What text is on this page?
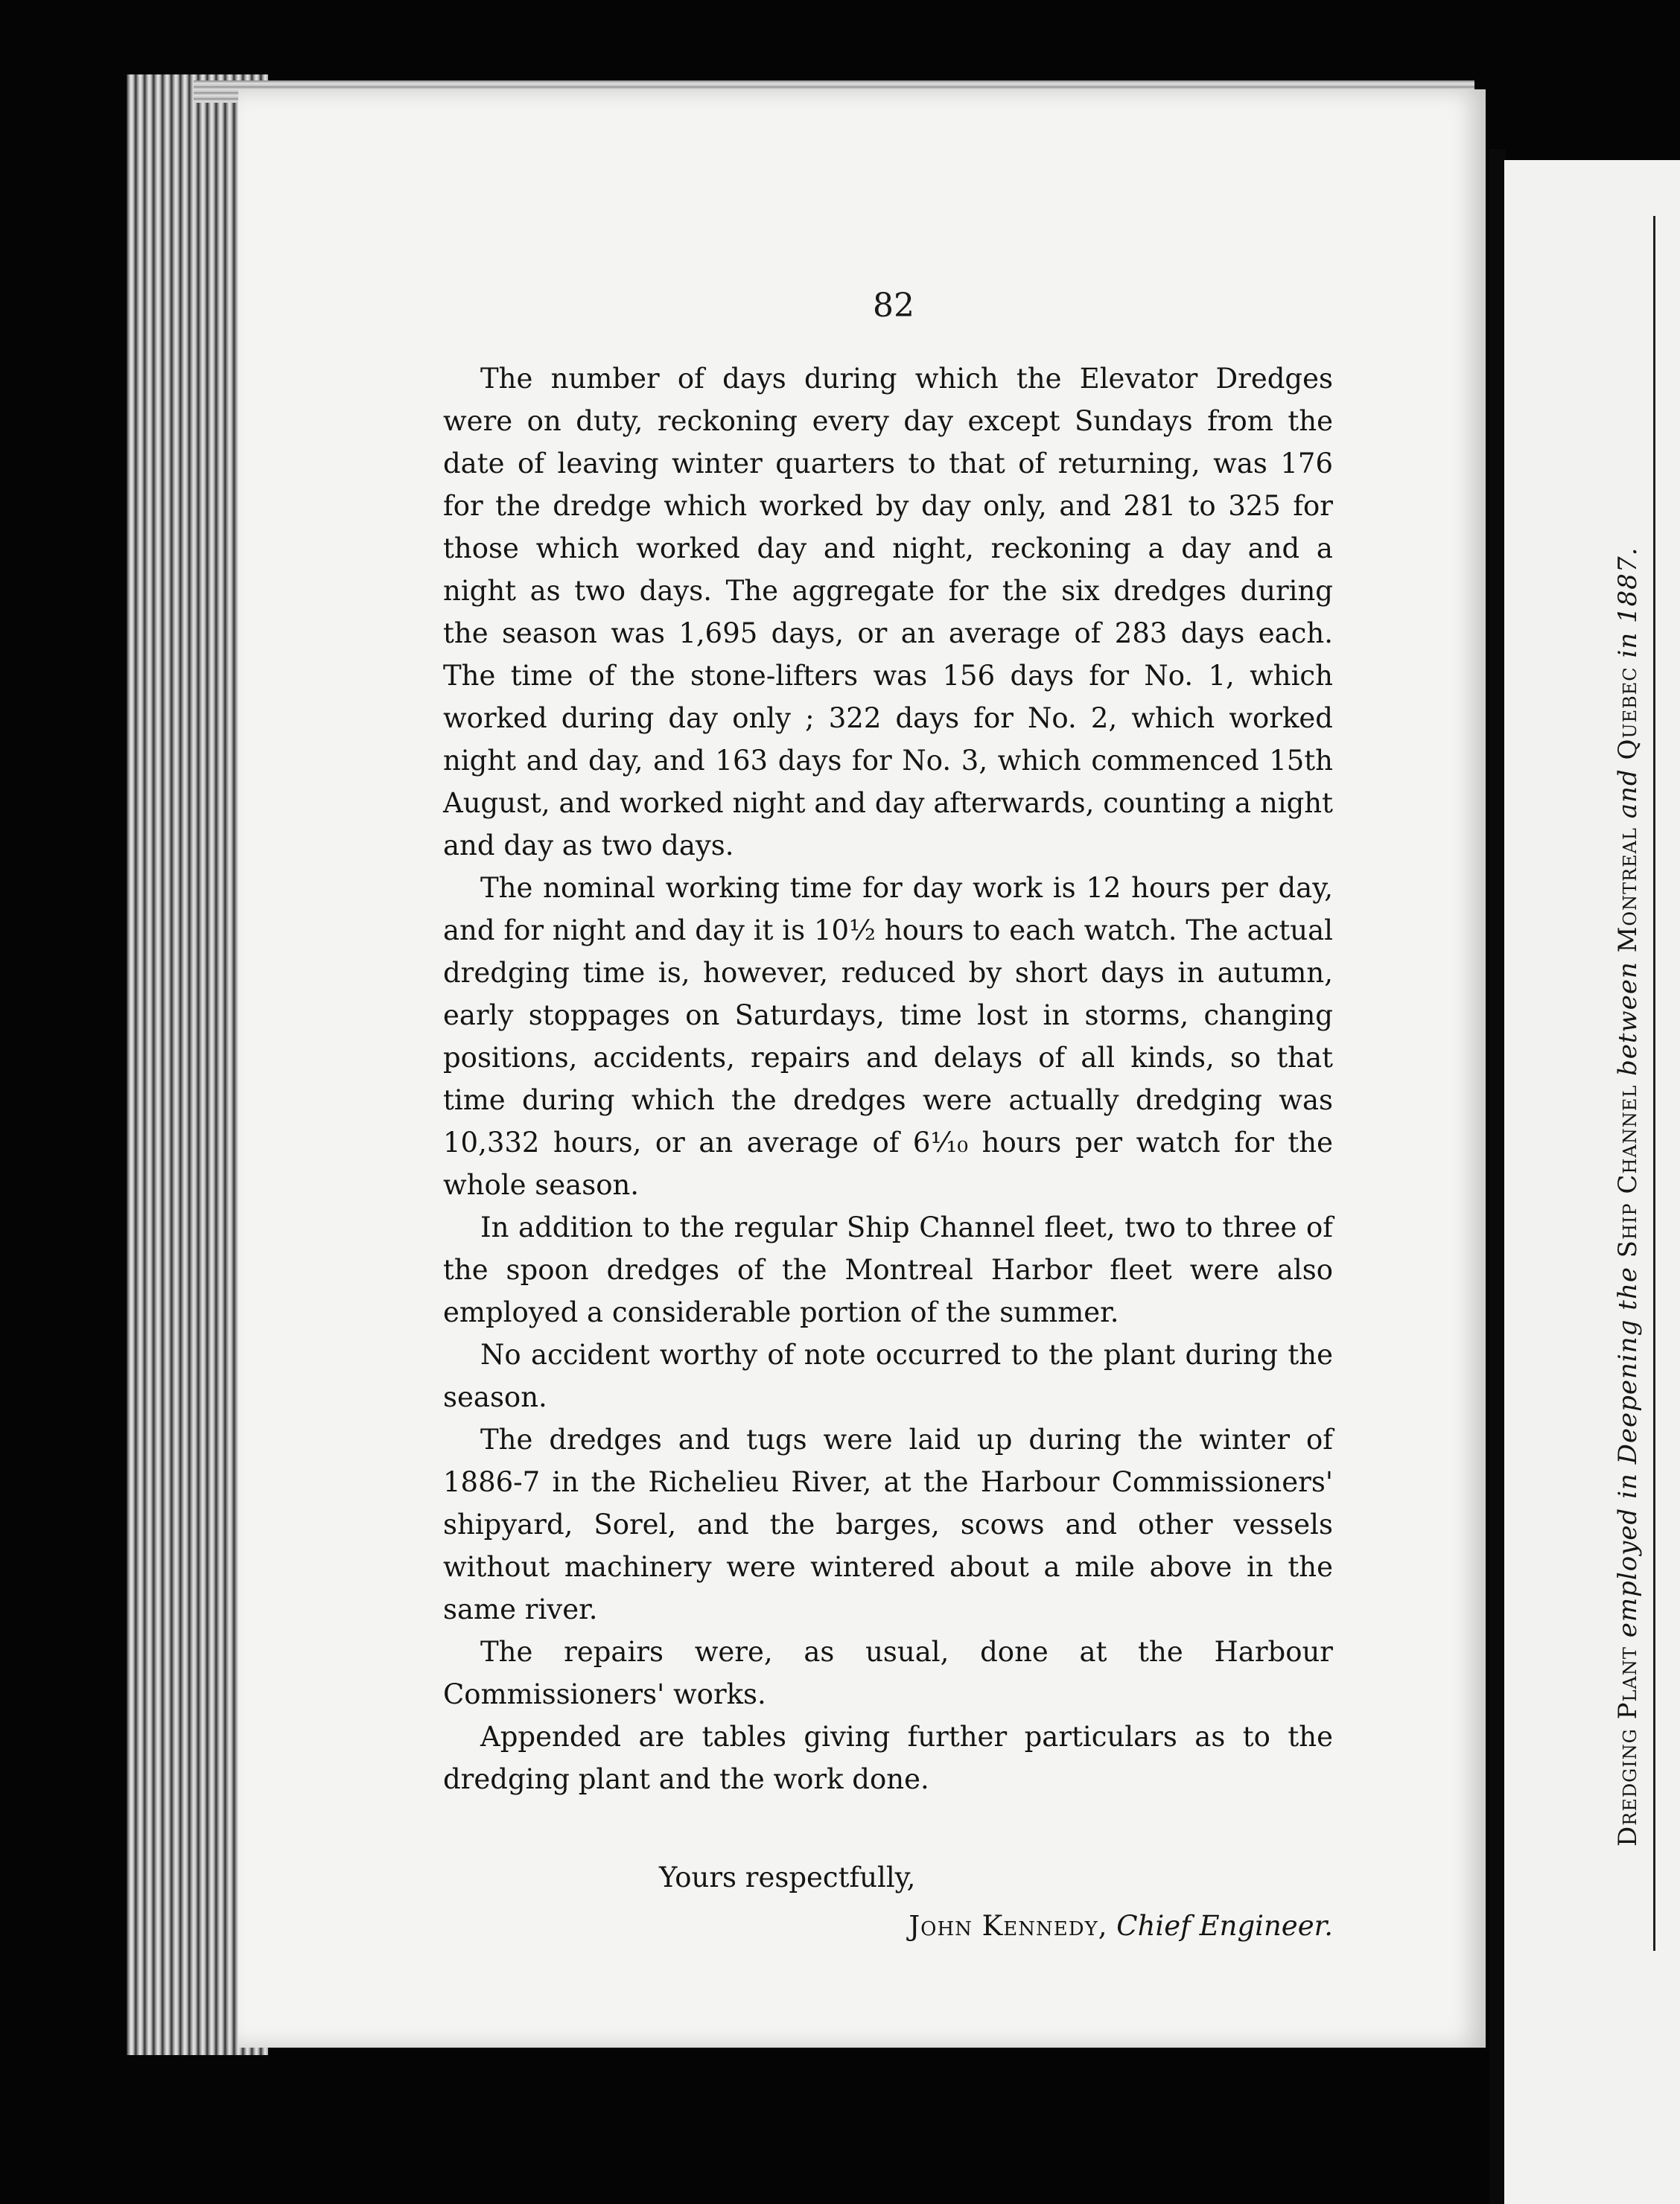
82

The number of days during which the Elevator Dredges were on duty, reckoning every day except Sundays from the date of leaving winter quarters to that of returning, was 176 for the dredge which worked by day only, and 281 to 325 for those which worked day and night, reckoning a day and a night as two days. The aggregate for the six dredges during the season was 1,695 days, or an average of 283 days each. The time of the stone-lifters was 156 days for No. 1, which worked during day only ; 322 days for No. 2, which worked night and day, and 163 days for No. 3, which commenced 15th August, and worked night and day afterwards, counting a night and day as two days.

The nominal working time for day work is 12 hours per day, and for night and day it is 10½ hours to each watch. The actual dredging time is, however, reduced by short days in autumn, early stoppages on Saturdays, time lost in storms, changing positions, accidents, repairs and delays of all kinds, so that time during which the dredges were actually dredging was 10,332 hours, or an average of 6¹⁄₁₀ hours per watch for the whole season.

In addition to the regular Ship Channel fleet, two to three of the spoon dredges of the Montreal Harbor fleet were also employed a considerable portion of the summer.

No accident worthy of note occurred to the plant during the season.

The dredges and tugs were laid up during the winter of 1886-7 in the Richelieu River, at the Harbour Commissioners' shipyard, Sorel, and the barges, scows and other vessels without machinery were wintered about a mile above in the same river.

The repairs were, as usual, done at the Harbour Commissioners' works.

Appended are tables giving further particulars as to the dredging plant and the work done.

Yours respectfully,
John Kennedy, Chief Engineer.
Dredging Plant employed in Deepening the Ship Channel between Montreal and Quebec in 1887.
